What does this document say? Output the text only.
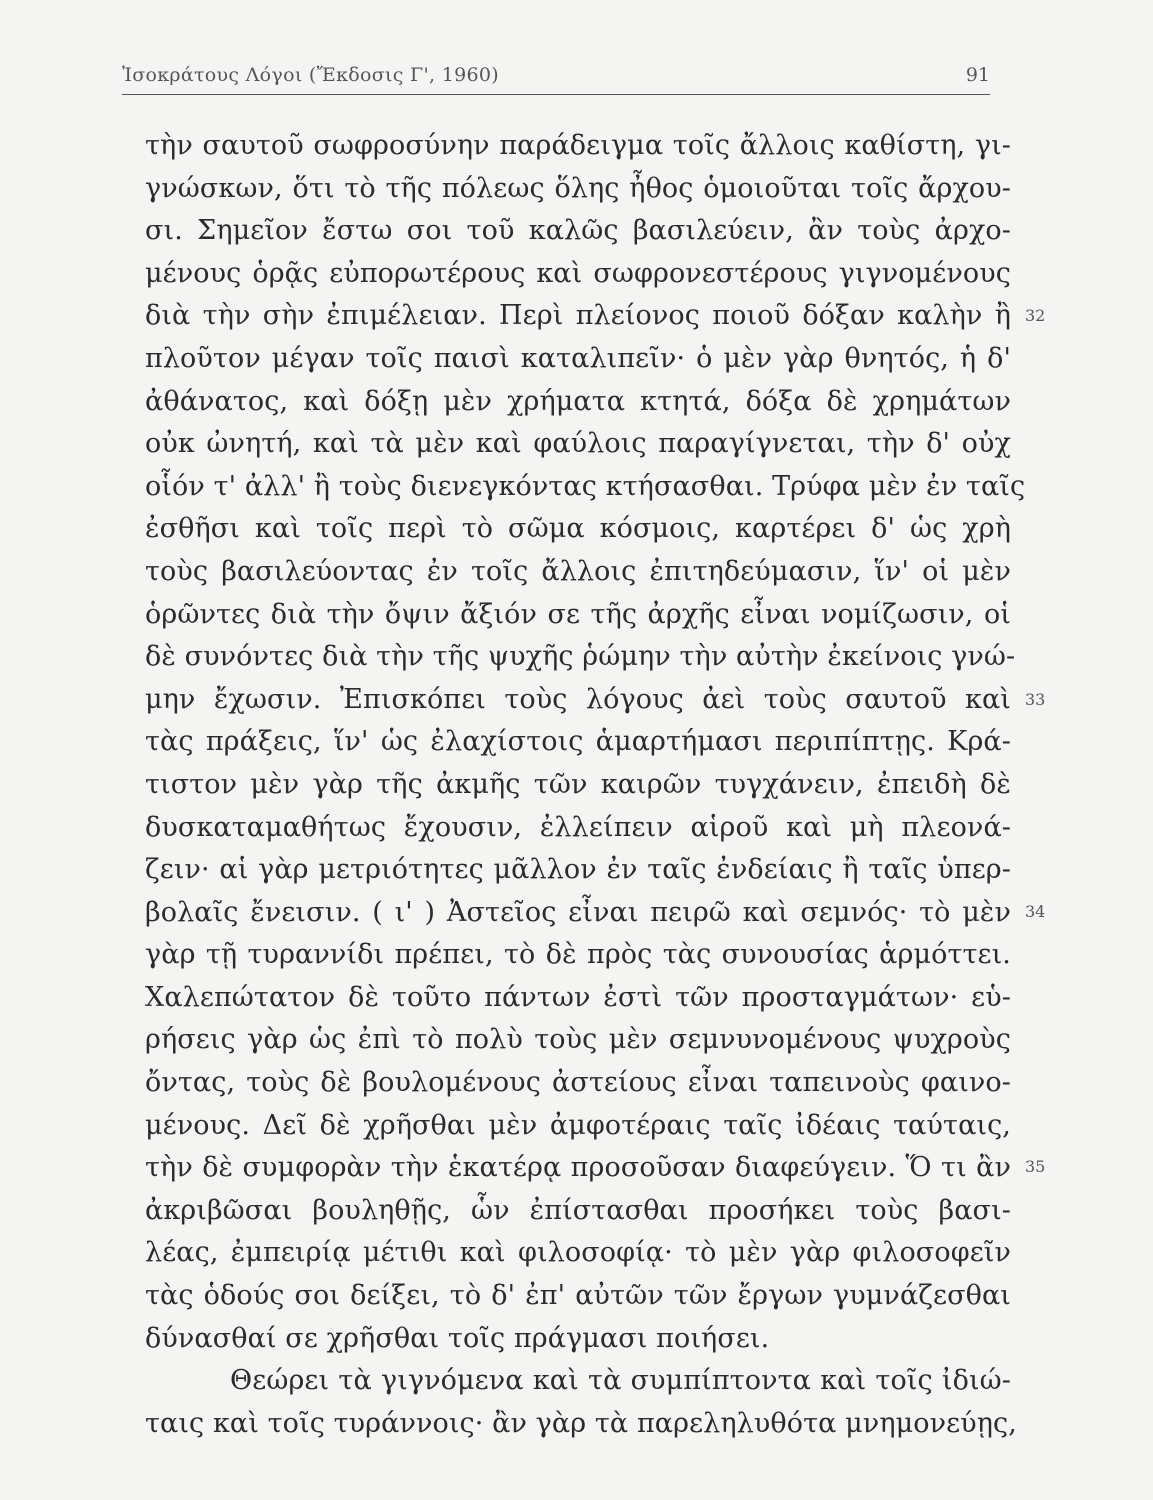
Ἰσοκράτους Λόγοι (Ἔκδοσις Γ', 1960)	91
τὴν σαυτοῦ σωφροσύνην παράδειγμα τοῖς ἄλλοις καθίστη, γι-
γνώσκων, ὅτι τὸ τῆς πόλεως ὅλης ἦθος ὁμοιοῦται τοῖς ἄρχου-
σι. Σημεῖον ἔστω σοι τοῦ καλῶς βασιλεύειν, ἂν τοὺς ἀρχο-
μένους ὁρᾷς εὐπορωτέρους καὶ σωφρονεστέρους γιγνομένους
διὰ τὴν σὴν ἐπιμέλειαν. Περὶ πλείονος ποιοῦ δόξαν καλὴν ἢ
πλοῦτον μέγαν τοῖς παισὶ καταλιπεῖν· ὁ μὲν γὰρ θνητός, ἡ δ'
ἀθάνατος, καὶ δόξῃ μὲν χρήματα κτητά, δόξα δὲ χρημάτων
οὐκ ὠνητή, καὶ τὰ μὲν καὶ φαύλοις παραγίγνεται, τὴν δ' οὐχ
οἷόν τ' ἀλλ' ἢ τοὺς διενεγκόντας κτήσασθαι. Τρύφα μὲν ἐν ταῖς
ἐσθῆσι καὶ τοῖς περὶ τὸ σῶμα κόσμοις, καρτέρει δ' ὡς χρὴ
τοὺς βασιλεύοντας ἐν τοῖς ἄλλοις ἐπιτηδεύμασιν, ἵν' οἱ μὲν
ὁρῶντες διὰ τὴν ὄψιν ἄξιόν σε τῆς ἀρχῆς εἶναι νομίζωσιν, οἱ
δὲ συνόντες διὰ τὴν τῆς ψυχῆς ῥώμην τὴν αὐτὴν ἐκείνοις γνώ-
μην ἔχωσιν. Ἐπισκόπει τοὺς λόγους ἀεὶ τοὺς σαυτοῦ καὶ
τὰς πράξεις, ἵν' ὡς ἐλαχίστοις ἁμαρτήμασι περιπίπτῃς. Κρά-
τιστον μὲν γὰρ τῆς ἀκμῆς τῶν καιρῶν τυγχάνειν, ἐπειδὴ δὲ
δυσκαταμαθήτως ἔχουσιν, ἐλλείπειν αἱροῦ καὶ μὴ πλεονά-
ζειν· αἱ γὰρ μετριότητες μᾶλλον ἐν ταῖς ἐνδείαις ἢ ταῖς ὑπερ-
βολαῖς ἔνεισιν. ( ι' ) Ἀστεῖος εἶναι πειρῶ καὶ σεμνός· τὸ μὲν
γὰρ τῇ τυραννίδι πρέπει, τὸ δὲ πρὸς τὰς συνουσίας ἁρμόττει.
Χαλεπώτατον δὲ τοῦτο πάντων ἐστὶ τῶν προσταγμάτων· εὑ-
ρήσεις γὰρ ὡς ἐπὶ τὸ πολὺ τοὺς μὲν σεμνυνομένους ψυχροὺς
ὄντας, τοὺς δὲ βουλομένους ἀστείους εἶναι ταπεινοὺς φαινο-
μένους. Δεῖ δὲ χρῆσθαι μὲν ἀμφοτέραις ταῖς ἰδέαις ταύταις,
τὴν δὲ συμφορὰν τὴν ἑκατέρᾳ προσοῦσαν διαφεύγειν. Ὅ τι ἂν
ἀκριβῶσαι βουληθῇς, ὧν ἐπίστασθαι προσήκει τοὺς βασι-
λέας, ἐμπειρίᾳ μέτιθι καὶ φιλοσοφίᾳ· τὸ μὲν γὰρ φιλοσοφεῖν
τὰς ὁδούς σοι δείξει, τὸ δ' ἐπ' αὐτῶν τῶν ἔργων γυμνάζεσθαι
δύνασθαί σε χρῆσθαι τοῖς πράγμασι ποιήσει.
Θεώρει τὰ γιγνόμενα καὶ τὰ συμπίπτοντα καὶ τοῖς ἰδιώ-
ταις καὶ τοῖς τυράννοις· ἂν γὰρ τὰ παρεληλυθότα μνημονεύῃς,
32
33
34
35
